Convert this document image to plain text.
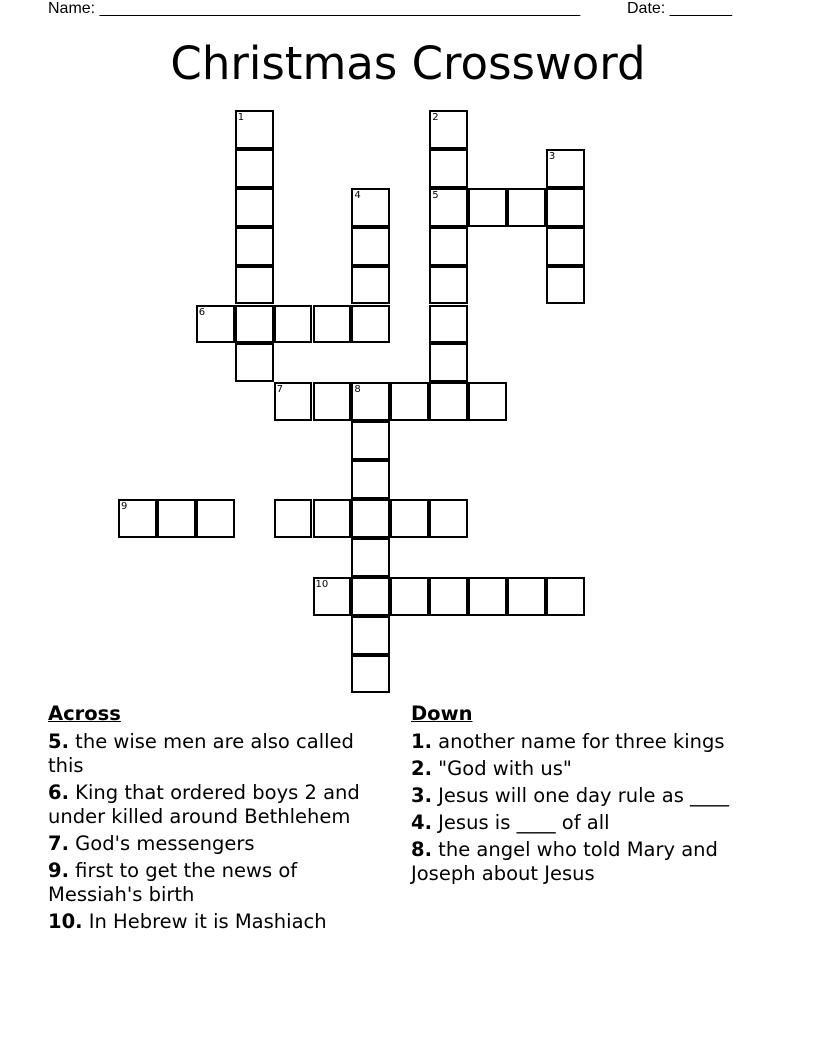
Name: ______________________________________________________	Date: _______
Christmas Crossword
1	2
5
3
4
6
7	8
9
10
Across
5. the wise men are also called this
6. King that ordered boys 2 and under killed around Bethlehem
7. God's messengers
9. first to get the news of Messiah's birth
10. In Hebrew it is Mashiach
Down
1. another name for three kings
2. "God with us"
3. Jesus will one day rule as ____
4. Jesus is ____ of all
8. the angel who told Mary and Joseph about Jesus
